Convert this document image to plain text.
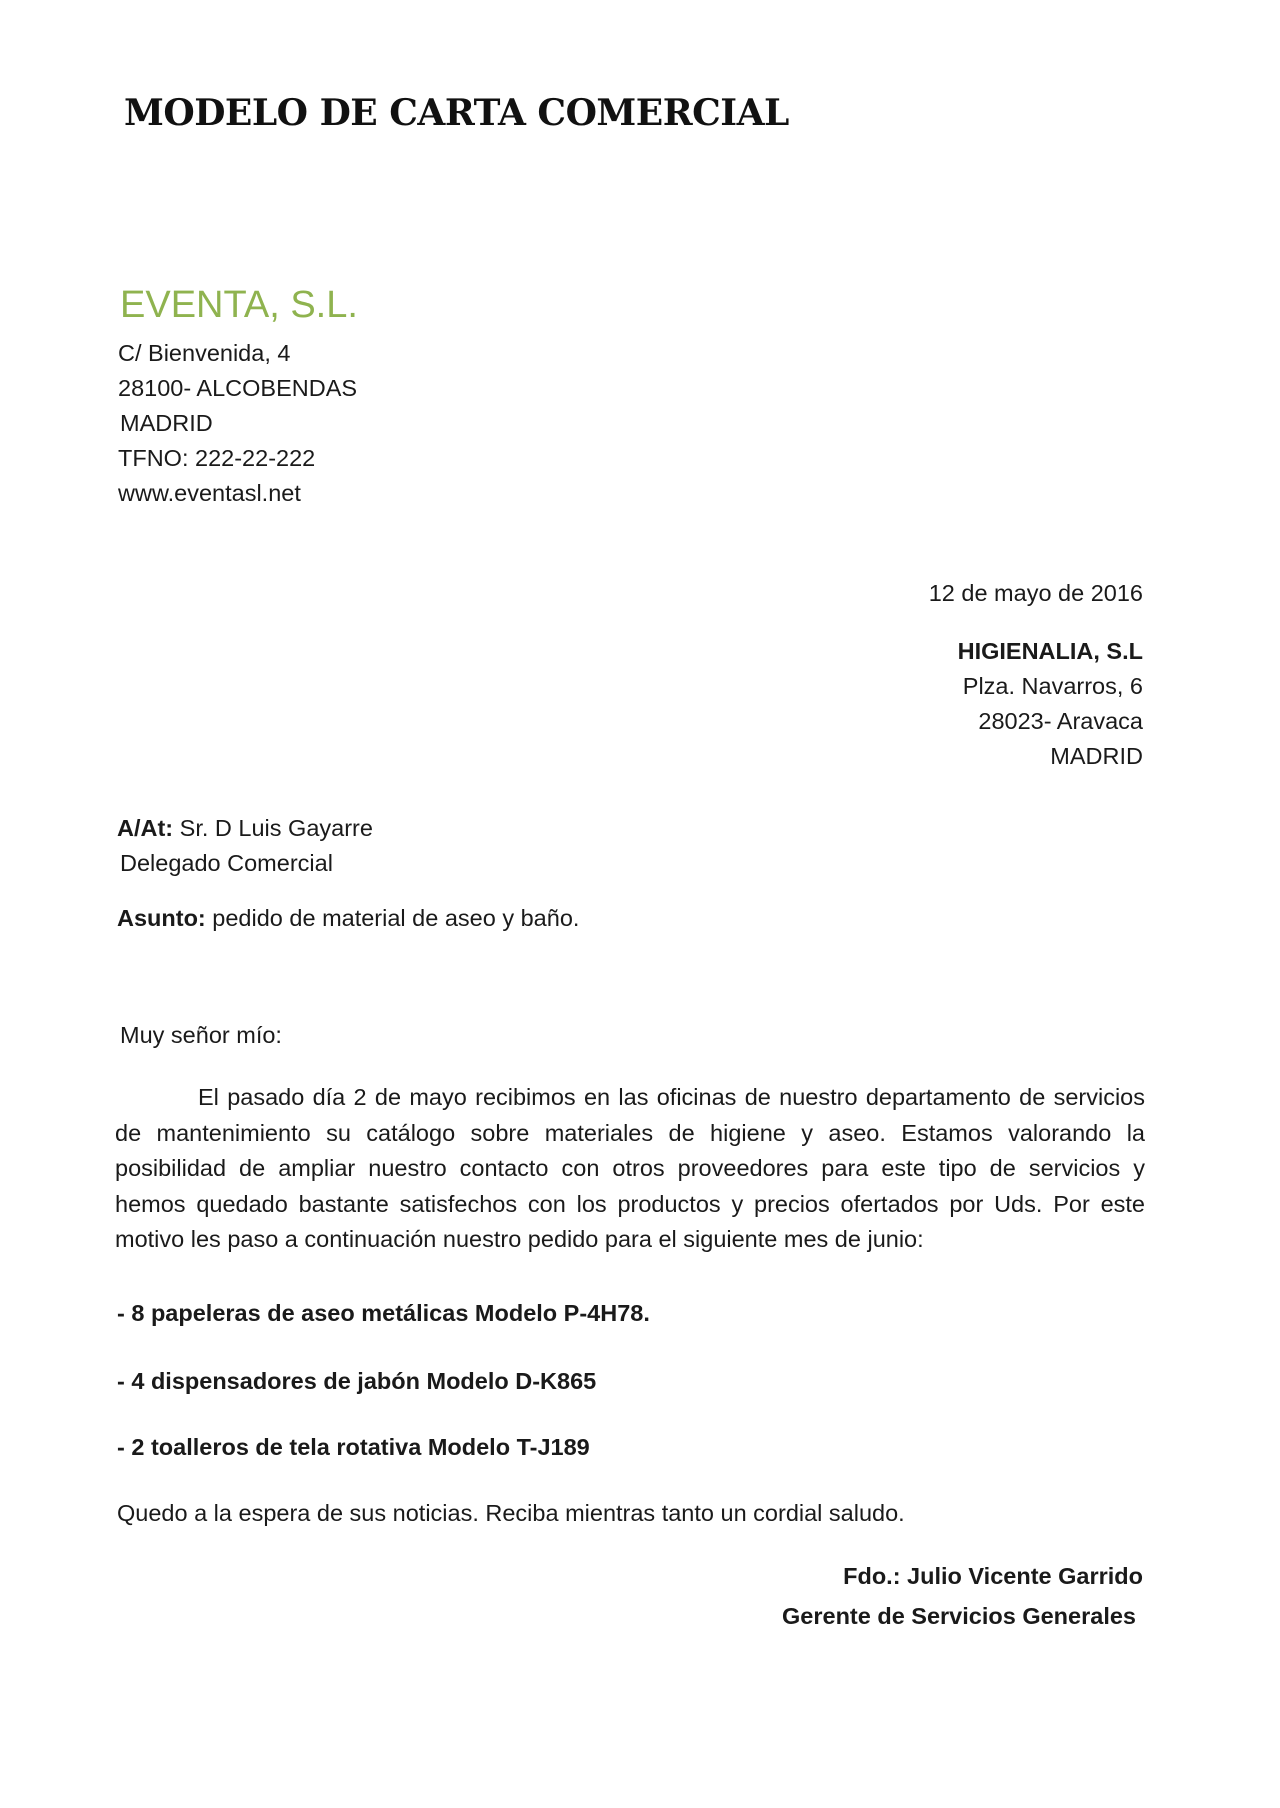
MODELO DE CARTA COMERCIAL
EVENTA, S.L.
C/ Bienvenida, 4
28100- ALCOBENDAS
MADRID
TFNO: 222-22-222
www.eventasl.net
12 de mayo de 2016
HIGIENALIA, S.L
Plza. Navarros, 6
28023- Aravaca
MADRID
A/At: Sr. D Luis Gayarre
Delegado Comercial
Asunto: pedido de material de aseo y baño.
Muy señor mío:

El pasado día 2 de mayo recibimos en las oficinas de nuestro departamento de servicios
de mantenimiento su catálogo sobre materiales de higiene y aseo. Estamos valorando la
posibilidad de ampliar nuestro contacto con otros proveedores para este tipo de servicios y
hemos quedado bastante satisfechos con los productos y precios ofertados por Uds. Por este
motivo les paso a continuación nuestro pedido para el siguiente mes de junio:

- 8 papeleras de aseo metálicas Modelo P-4H78.
- 4 dispensadores de jabón Modelo D-K865
- 2 toalleros de tela rotativa Modelo T-J189
Quedo a la espera de sus noticias. Reciba mientras tanto un cordial saludo.
Fdo.: Julio Vicente Garrido
Gerente de Servicios Generales
